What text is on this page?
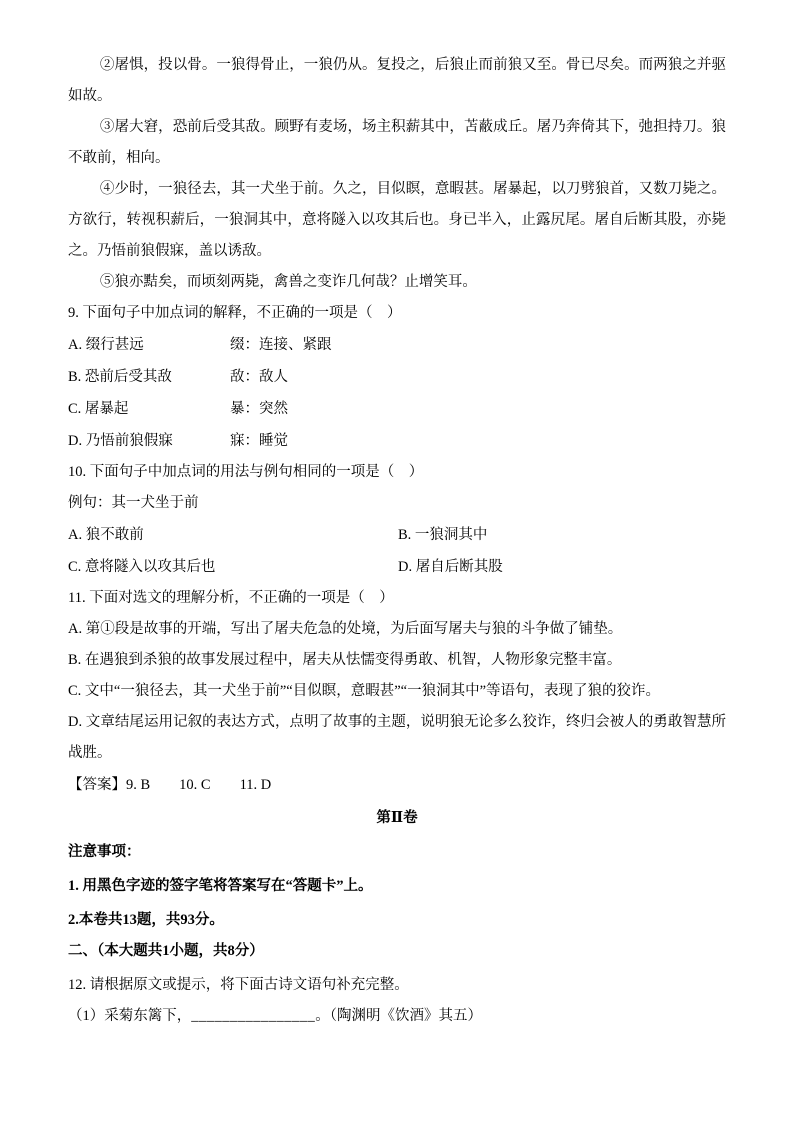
②屠惧，投以骨。一狼得骨止，一狼仍从。复投之，后狼止而前狼又至。骨已尽矣。而两狼之并驱如故。

③屠大窘，恐前后受其敌。顾野有麦场，场主积薪其中，苫蔽成丘。屠乃奔倚其下，弛担持刀。狼不敢前，相向。

④少时，一狼径去，其一犬坐于前。久之，目似瞑，意暇甚。屠暴起，以刀劈狼首，又数刀毙之。方欲行，转视积薪后，一狼洞其中，意将隧入以攻其后也。身已半入，止露尻尾。屠自后断其股，亦毙之。乃悟前狼假寐，盖以诱敌。

⑤狼亦黠矣，而顷刻两毙，禽兽之变诈几何哉？止增笑耳。

9. 下面句子中加点词的解释，不正确的一项是（　）

A. 缀行甚远	缀：连接、紧跟
B. 恐前后受其敌	敌：敌人
C. 屠暴起	暴：突然
D. 乃悟前狼假寐	寐：睡觉

10. 下面句子中加点词的用法与例句相同的一项是（　）

例句：其一犬坐于前

A. 狼不敢前	B. 一狼洞其中
C. 意将隧入以攻其后也	D. 屠自后断其股

11. 下面对选文的理解分析，不正确的一项是（　）

A. 第①段是故事的开端，写出了屠夫危急的处境，为后面写屠夫与狼的斗争做了铺垫。

B. 在遇狼到杀狼的故事发展过程中，屠夫从怯懦变得勇敢、机智，人物形象完整丰富。

C. 文中“一狼径去，其一犬坐于前”“目似瞑，意暇甚”“一狼洞其中”等语句，表现了狼的狡诈。

D. 文章结尾运用记叙的表达方式，点明了故事的主题，说明狼无论多么狡诈，终归会被人的勇敢智慧所战胜。

【答案】9. B　　10. C　　11. D

第Ⅱ卷

注意事项：

1. 用黑色字迹的签字笔将答案写在“答题卡”上。

2.本卷共13题，共93分。

二、（本大题共1小题，共8分）

12. 请根据原文或提示，将下面古诗文语句补充完整。

（1）采菊东篱下，________________。（陶渊明《饮酒》其五）
